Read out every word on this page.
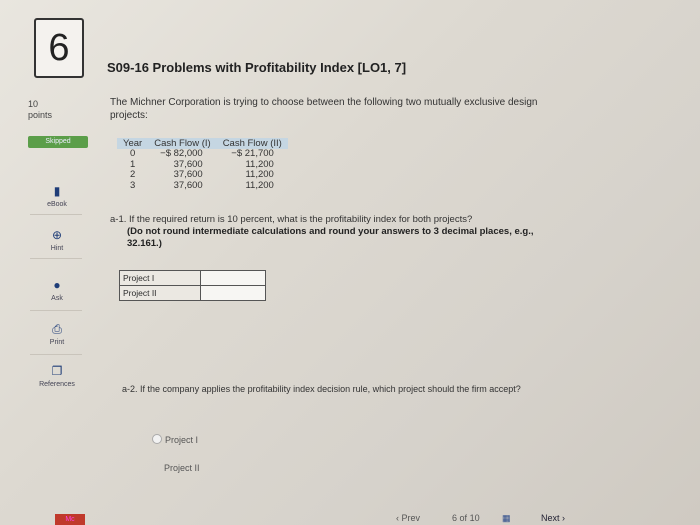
6	S09-16 Problems with Profitability Index [LO1, 7]
10
points
The Michner Corporation is trying to choose between the following two mutually exclusive design projects:
Skipped
▮
eBook
⊕
Hint
●
Ask
⎙
Print
❐
References
Year	Cash Flow (I)	Cash Flow (II)
0	−$ 82,000	−$ 21,700
1	37,600	11,200
2	37,600	11,200
3	37,600	11,200
a-1. If the required return is 10 percent, what is the profitability index for both projects?
(Do not round intermediate calculations and round your answers to 3 decimal places, e.g., 32.161.)
Project I	
Project II	
a-2. If the company applies the profitability index decision rule, which project should the firm accept?
Project I
Project II
Mc	‹ Prev	6 of 10 ▦	Next ›
